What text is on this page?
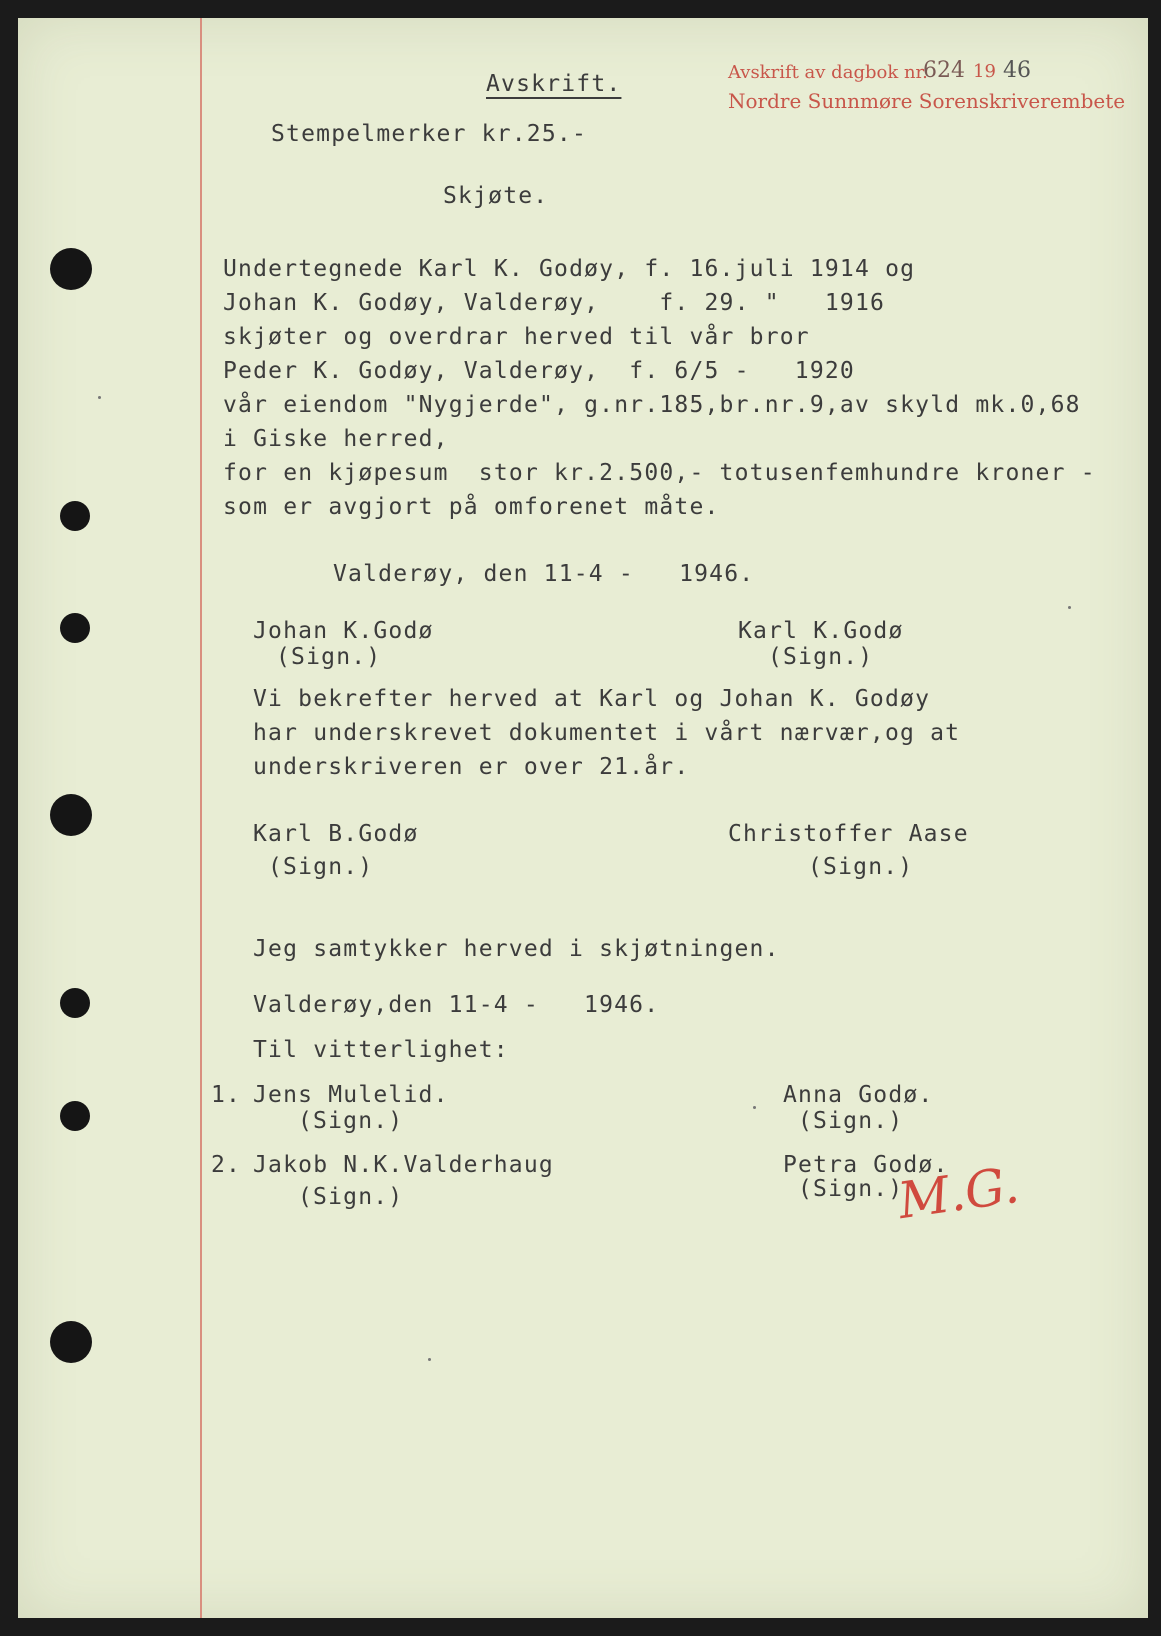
Avskrift av dagbok nr.
624 19 46
Nordre Sunnmøre Sorenskriverembete
Avskrift.
Stempelmerker kr.25.-
Skjøte.
Undertegnede Karl K. Godøy, f. 16.juli 1914 og
Johan K. Godøy, Valderøy,    f. 29. "   1916
skjøter og overdrar herved til vår bror
Peder K. Godøy, Valderøy,  f. 6/5 -   1920
vår eiendom "Nygjerde", g.nr.185,br.nr.9,av skyld mk.0,68
i Giske herred,
for en kjøpesum  stor kr.2.500,- totusenfemhundre kroner -
som er avgjort på omforenet måte.
Valderøy, den 11-4 -   1946.
Johan K.Godø
(Sign.)
Karl K.Godø
(Sign.)
Vi bekrefter herved at Karl og Johan K. Godøy
har underskrevet dokumentet i vårt nærvær,og at
underskriveren er over 21.år.
Karl B.Godø
(Sign.)
Christoffer Aase
(Sign.)
Jeg samtykker herved i skjøtningen.
Valderøy,den 11-4 -   1946.
Til vitterlighet:
1. Jens Mulelid.
(Sign.)
2. Jakob N.K.Valderhaug
(Sign.)
Anna Godø.
(Sign.)
Petra Godø.
(Sign.)
M.G.
